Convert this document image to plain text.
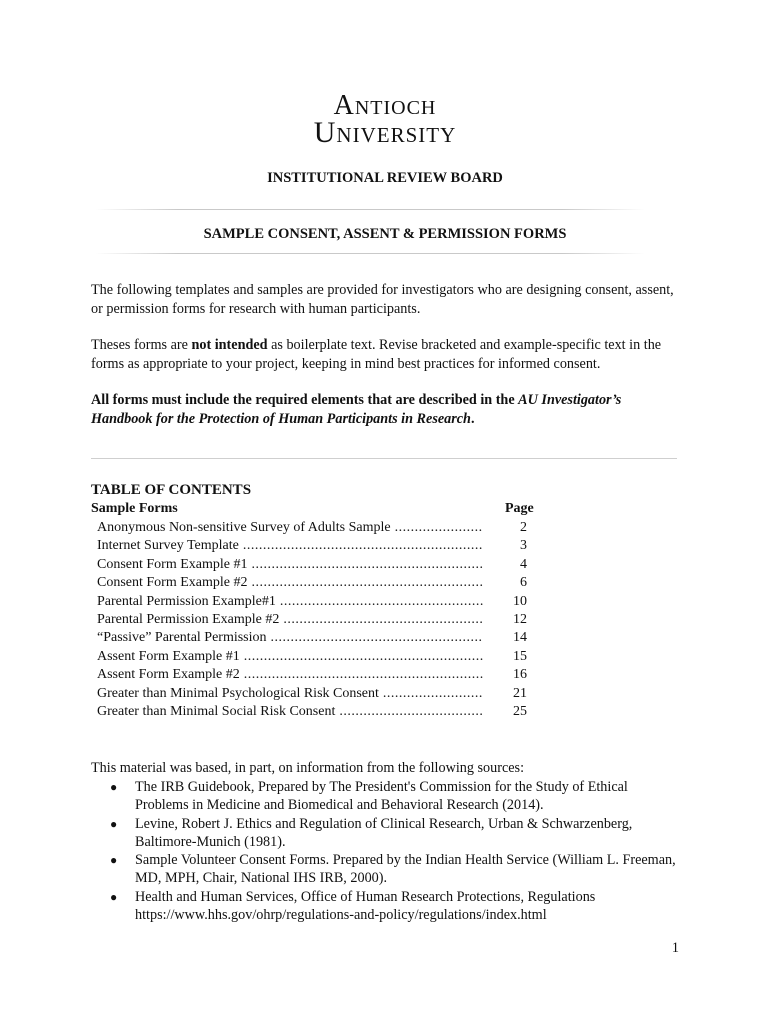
Antioch
University
INSTITUTIONAL REVIEW BOARD
SAMPLE CONSENT, ASSENT & PERMISSION FORMS
The following templates and samples are provided for investigators who are designing consent, assent, or permission forms for research with human participants.
Theses forms are not intended as boilerplate text. Revise bracketed and example-specific text in the forms as appropriate to your project, keeping in mind best practices for informed consent.
All forms must include the required elements that are described in the AU Investigator’s Handbook for the Protection of Human Participants in Research.
TABLE OF CONTENTS
Sample Forms	Page
Anonymous Non-sensitive Survey of Adults Sample .....	2
Internet Survey Template .....	3
Consent Form Example #1 .....	4
Consent Form Example #2 .....	6
Parental Permission Example#1 .....	10
Parental Permission Example #2 .....	12
“Passive” Parental Permission .....	14
Assent Form Example #1 .....	15
Assent Form Example #2 .....	16
Greater than Minimal Psychological Risk Consent .....	21
Greater than Minimal Social Risk Consent .....	25
This material was based, in part, on information from the following sources:
● The IRB Guidebook, Prepared by The President's Commission for the Study of Ethical Problems in Medicine and Biomedical and Behavioral Research (2014).
● Levine, Robert J. Ethics and Regulation of Clinical Research, Urban & Schwarzenberg, Baltimore-Munich (1981).
● Sample Volunteer Consent Forms. Prepared by the Indian Health Service (William L. Freeman, MD, MPH, Chair, National IHS IRB, 2000).
● Health and Human Services, Office of Human Research Protections, Regulations https://www.hhs.gov/ohrp/regulations-and-policy/regulations/index.html
1
